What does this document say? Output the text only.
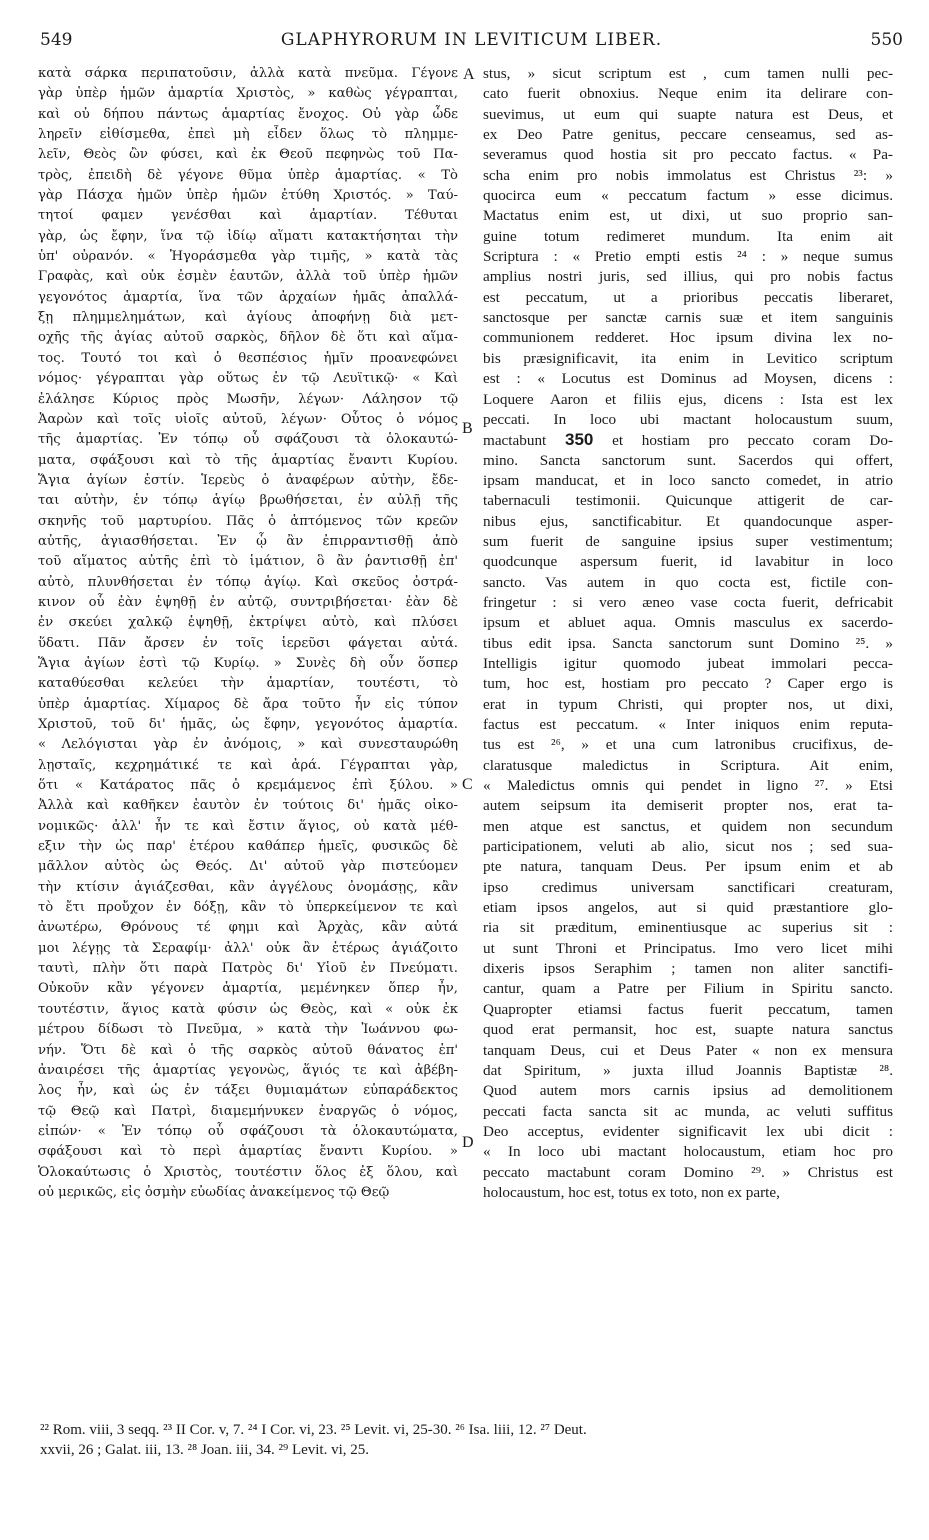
549	GLAPHYRORUM IN LEVITICUM LIBER.	550
κατὰ σάρκα περιπατοῦσιν, ἀλλὰ κατὰ πνεῦμα. Γέγονε
γὰρ ὑπὲρ ἡμῶν ἁμαρτία Χριστὸς, » καθὼς γέγραπται,
καὶ οὐ δήπου πάντως ἁμαρτίας ἔνοχος. Οὐ γὰρ ὧδε
ληρεῖν εἰθίσμεθα, ἐπεὶ μὴ εἶδεν ὅλως τὸ πλημμε-
λεῖν, Θεὸς ὢν φύσει, καὶ ἐκ Θεοῦ πεφηνὼς τοῦ Πα-
τρὸς, ἐπειδὴ δὲ γέγονε θῦμα ὑπὲρ ἁμαρτίας. « Τὸ
γὰρ Πάσχα ἡμῶν ὑπὲρ ἡμῶν ἐτύθη Χριστός. » Ταύ-
τητοί φαμεν γενέσθαι καὶ ἁμαρτίαν. Τέθυται
γὰρ, ὡς ἔφην, ἵνα τῷ ἰδίῳ αἵματι κατακτήσηται τὴν
ὑπ' οὐρανόν. « Ἠγοράσμεθα γὰρ τιμῆς, » κατὰ τὰς
Γραφὰς, καὶ οὐκ ἐσμὲν ἑαυτῶν, ἀλλὰ τοῦ ὑπὲρ ἡμῶν
γεγονότος ἁμαρτία, ἵνα τῶν ἀρχαίων ἡμᾶς ἀπαλλά-
ξῃ πλημμελημάτων, καὶ ἁγίους ἀποφήνῃ διὰ μετ-
οχῆς τῆς ἁγίας αὐτοῦ σαρκὸς, δῆλον δὲ ὅτι καὶ αἵμα-
τος. Τουτό τοι καὶ ὁ θεσπέσιος ἡμῖν προανεφώνει
νόμος· γέγραπται γὰρ οὕτως ἐν τῷ Λευϊτικῷ· « Καὶ
ἐλάλησε Κύριος πρὸς Μωσῆν, λέγων· Λάλησον τῷ
Ἀαρὼν καὶ τοῖς υἱοῖς αὐτοῦ, λέγων· Οὗτος ὁ νόμος
τῆς ἁμαρτίας. Ἐν τόπῳ οὗ σφάζουσι τὰ ὁλοκαυτώ-
ματα, σφάξουσι καὶ τὸ τῆς ἁμαρτίας ἔναντι Κυρίου.
Ἅγια ἁγίων ἐστίν. Ἱερεὺς ὁ ἀναφέρων αὐτὴν, ἔδε-
ται αὐτὴν, ἐν τόπῳ ἁγίῳ βρωθήσεται, ἐν αὐλῇ τῆς
σκηνῆς τοῦ μαρτυρίου. Πᾶς ὁ ἁπτόμενος τῶν κρεῶν
αὐτῆς, ἁγιασθήσεται. Ἐν ᾧ ἂν ἐπιρραντισθῇ ἀπὸ
τοῦ αἵματος αὐτῆς ἐπὶ τὸ ἱμάτιον, ὃ ἂν ῥαντισθῇ ἐπ'
αὐτὸ, πλυνθήσεται ἐν τόπῳ ἁγίῳ. Καὶ σκεῦος ὀστρά-
κινον οὗ ἐὰν ἑψηθῇ ἐν αὐτῷ, συντριβήσεται· ἐὰν δὲ
ἐν σκεύει χαλκῷ ἑψηθῇ, ἐκτρίψει αὐτὸ, καὶ πλύσει
ὕδατι. Πᾶν ἄρσεν ἐν τοῖς ἱερεῦσι φάγεται αὐτά.
Ἅγια ἁγίων ἐστὶ τῷ Κυρίῳ. » Συνὲς δὴ οὖν ὅσπερ
καταθύεσθαι κελεύει τὴν ἁμαρτίαν, τουτέστι, τὸ
ὑπὲρ ἁμαρτίας. Χίμαρος δὲ ἄρα τοῦτο ἦν εἰς τύπον
Χριστοῦ, τοῦ δι' ἡμᾶς, ὡς ἔφην, γεγονότος ἁμαρτία.
« Λελόγισται γὰρ ἐν ἀνόμοις, » καὶ συνεσταυρώθη
λῃσταῖς, κεχρημάτικέ τε καὶ ἀρά. Γέγραπται γὰρ,
ὅτι « Κατάρατος πᾶς ὁ κρεμάμενος ἐπὶ ξύλου. »
Ἀλλὰ καὶ καθῆκεν ἑαυτὸν ἐν τούτοις δι' ἡμᾶς οἰκο-
νομικῶς· ἀλλ' ἦν τε καὶ ἔστιν ἅγιος, οὐ κατὰ μέθ-
εξιν τὴν ὡς παρ' ἑτέρου καθάπερ ἡμεῖς, φυσικῶς δὲ
μᾶλλον αὐτὸς ὡς Θεός. Δι' αὐτοῦ γὰρ πιστεύομεν
τὴν κτίσιν ἁγιάζεσθαι, κἂν ἀγγέλους ὀνομάσῃς, κἂν
τὸ ἔτι προὔχον ἐν δόξῃ, κἂν τὸ ὑπερκείμενον τε καὶ
ἀνωτέρω, Θρόνους τέ φημι καὶ Ἀρχὰς, κἂν αὐτά
μοι λέγῃς τὰ Σεραφίμ· ἀλλ' οὐκ ἂν ἑτέρως ἁγιάζοιτο
ταυτὶ, πλὴν ὅτι παρὰ Πατρὸς δι' Υἱοῦ ἐν Πνεύματι.
Οὐκοῦν κἂν γέγονεν ἁμαρτία, μεμένηκεν ὅπερ ἦν,
τουτέστιν, ἅγιος κατὰ φύσιν ὡς Θεὸς, καὶ « οὐκ ἐκ
μέτρου δίδωσι τὸ Πνεῦμα, » κατὰ τὴν Ἰωάννου φω-
νήν. Ὅτι δὲ καὶ ὁ τῆς σαρκὸς αὐτοῦ θάνατος ἐπ'
ἀναιρέσει τῆς ἁμαρτίας γεγονὼς, ἅγιός τε καὶ ἀβέβη-
λος ἦν, καὶ ὡς ἐν τάξει θυμιαμάτων εὐπαράδεκτος
τῷ Θεῷ καὶ Πατρὶ, διαμεμήνυκεν ἐναργῶς ὁ νόμος,
εἰπών· « Ἐν τόπῳ οὗ σφάζουσι τὰ ὁλοκαυτώματα,
σφάξουσι καὶ τὸ περὶ ἁμαρτίας ἔναντι Κυρίου. »
Ὁλοκαύτωσις ὁ Χριστὸς, τουτέστιν ὅλος ἐξ ὅλου, καὶ
οὐ μερικῶς, εἰς ὀσμὴν εὐωδίας ἀνακείμενος τῷ Θεῷ
stus, » sicut scriptum est , cum tamen nulli pec-
cato fuerit obnoxius. Neque enim ita delirare con-
suevimus, ut eum qui suapte natura est Deus, et
ex Deo Patre genitus, peccare censeamus, sed as-
severamus quod hostia sit pro peccato factus. « Pa-
scha enim pro nobis immolatus est Christus ²³: »
quocirca eum « peccatum factum » esse dicimus.
Mactatus enim est, ut dixi, ut suo proprio san-
guine totum redimeret mundum. Ita enim ait
Scriptura : « Pretio empti estis ²⁴ : » neque sumus
amplius nostri juris, sed illius, qui pro nobis factus
est peccatum, ut a prioribus peccatis liberaret,
sanctosque per sanctæ carnis suæ et item sanguinis
communionem redderet. Hoc ipsum divina lex no-
bis præsignificavit, ita enim in Levitico scriptum
est : « Locutus est Dominus ad Moysen, dicens :
Loquere Aaron et filiis ejus, dicens : Ista est lex
peccati. In loco ubi mactant holocaustum suum,
mactabunt 350 et hostiam pro peccato coram Do-
mino. Sancta sanctorum sunt. Sacerdos qui offert,
ipsam manducat, et in loco sancto comedet, in atrio
tabernaculi testimonii. Quicunque attigerit de car-
nibus ejus, sanctificabitur. Et quandocunque asper-
sum fuerit de sanguine ipsius super vestimentum;
quodcunque aspersum fuerit, id lavabitur in loco
sancto. Vas autem in quo cocta est, fictile con-
fringetur : si vero æneo vase cocta fuerit, defricabit
ipsum et abluet aqua. Omnis masculus ex sacerdo-
tibus edit ipsa. Sancta sanctorum sunt Domino ²⁵. »
Intelligis igitur quomodo jubeat immolari pecca-
tum, hoc est, hostiam pro peccato ? Caper ergo is
erat in typum Christi, qui propter nos, ut dixi,
factus est peccatum. « Inter iniquos enim reputa-
tus est ²⁶, » et una cum latronibus crucifixus, de-
claratusque maledictus in Scriptura. Ait enim,
« Maledictus omnis qui pendet in ligno ²⁷. » Etsi
autem seipsum ita demiserit propter nos, erat ta-
men atque est sanctus, et quidem non secundum
participationem, veluti ab alio, sicut nos ; sed sua-
pte natura, tanquam Deus. Per ipsum enim et ab
ipso credimus universam sanctificari creaturam,
etiam ipsos angelos, aut si quid præstantiore glo-
ria sit præditum, eminentiusque ac superius sit :
ut sunt Throni et Principatus. Imo vero licet mihi
dixeris ipsos Seraphim ; tamen non aliter sanctifi-
cantur, quam a Patre per Filium in Spiritu sancto.
Quapropter etiamsi factus fuerit peccatum, tamen
quod erat permansit, hoc est, suapte natura sanctus
tanquam Deus, cui et Deus Pater « non ex mensura
dat Spiritum, » juxta illud Joannis Baptistæ ²⁸.
Quod autem mors carnis ipsius ad demolitionem
peccati facta sancta sit ac munda, ac veluti suffitus
Deo acceptus, evidenter significavit lex ubi dicit :
« In loco ubi mactant holocaustum, etiam hoc pro
peccato mactabunt coram Domino ²⁹. » Christus est
holocaustum, hoc est, totus ex toto, non ex parte,
A
B
C
D
²² Rom. viii, 3 seqq. ²³ II Cor. v, 7. ²⁴ I Cor. vi, 23. ²⁵ Levit. vi, 25-30. ²⁶ Isa. liii, 12. ²⁷ Deut.
xxvii, 26 ; Galat. iii, 13. ²⁸ Joan. iii, 34. ²⁹ Levit. vi, 25.
